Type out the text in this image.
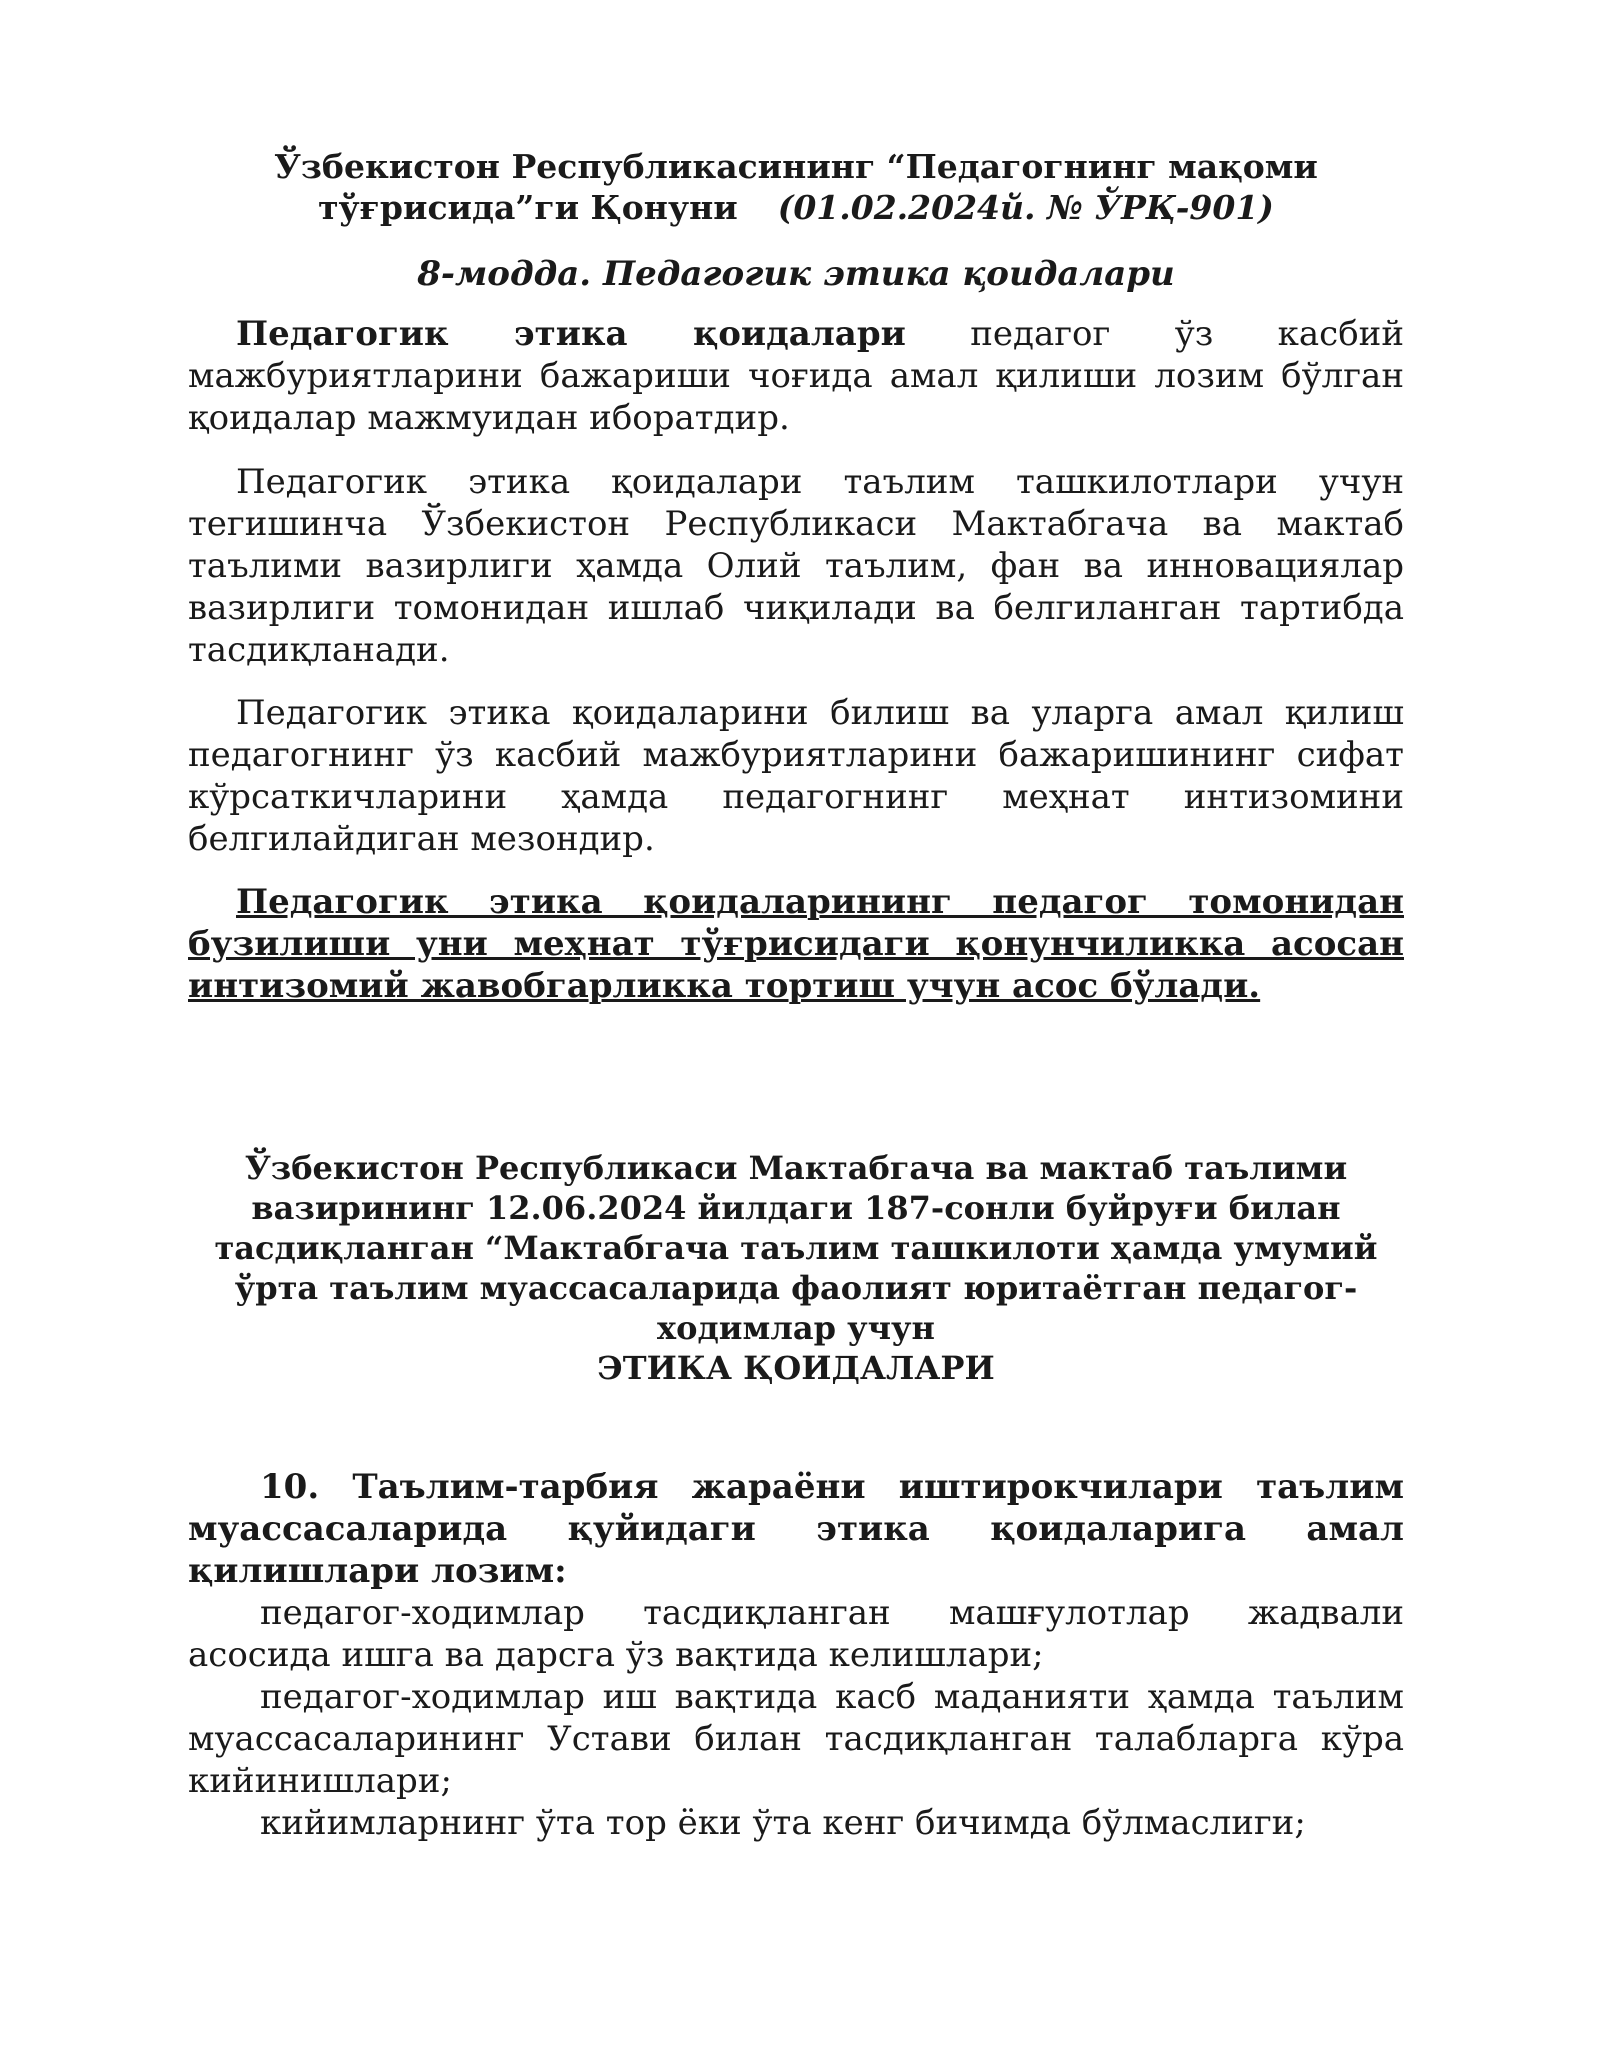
Ўзбекистон Республикасининг “Педагогнинг мақоми
тўғрисида”ги Қонуни (01.02.2024й. № ЎРҚ-901)
8-модда. Педагогик этика қоидалари
Педагогик этика қоидалари педагог ўз касбий мажбуриятларини бажариши чоғида амал қилиши лозим бўлган қоидалар мажмуидан иборатдир.
Педагогик этика қоидалари таълим ташкилотлари учун тегишинча Ўзбекистон Республикаси Мактабгача ва мактаб таълими вазирлиги ҳамда Олий таълим, фан ва инновациялар вазирлиги томонидан ишлаб чиқилади ва белгиланган тартибда тасдиқланади.
Педагогик этика қоидаларини билиш ва уларга амал қилиш педагогнинг ўз касбий мажбуриятларини бажаришининг сифат кўрсаткичларини ҳамда педагогнинг меҳнат интизомини белгилайдиган мезондир.
Педагогик этика қоидаларининг педагог томонидан бузилиши уни меҳнат тўғрисидаги қонунчиликка асосан интизомий жавобгарликка тортиш учун асос бўлади.
Ўзбекистон Республикаси Мактабгача ва мактаб таълими
вазирининг 12.06.2024 йилдаги 187-сонли буйруғи билан
тасдиқланган “Мактабгача таълим ташкилоти ҳамда умумий
ўрта таълим муассасаларида фаолият юритаётган педагог-
ходимлар учун
ЭТИКА ҚОИДАЛАРИ
10. Таълим-тарбия жараёни иштирокчилари таълим муассасаларида қуйидаги этика қоидаларига амал қилишлари лозим:

педагог-ходимлар тасдиқланган машғулотлар жадвали асосида ишга ва дарсга ўз вақтида келишлари;

педагог-ходимлар иш вақтида касб маданияти ҳамда таълим муассасаларининг Устави билан тасдиқланган талабларга кўра кийинишлари;

кийимларнинг ўта тор ёки ўта кенг бичимда бўлмаслиги;
